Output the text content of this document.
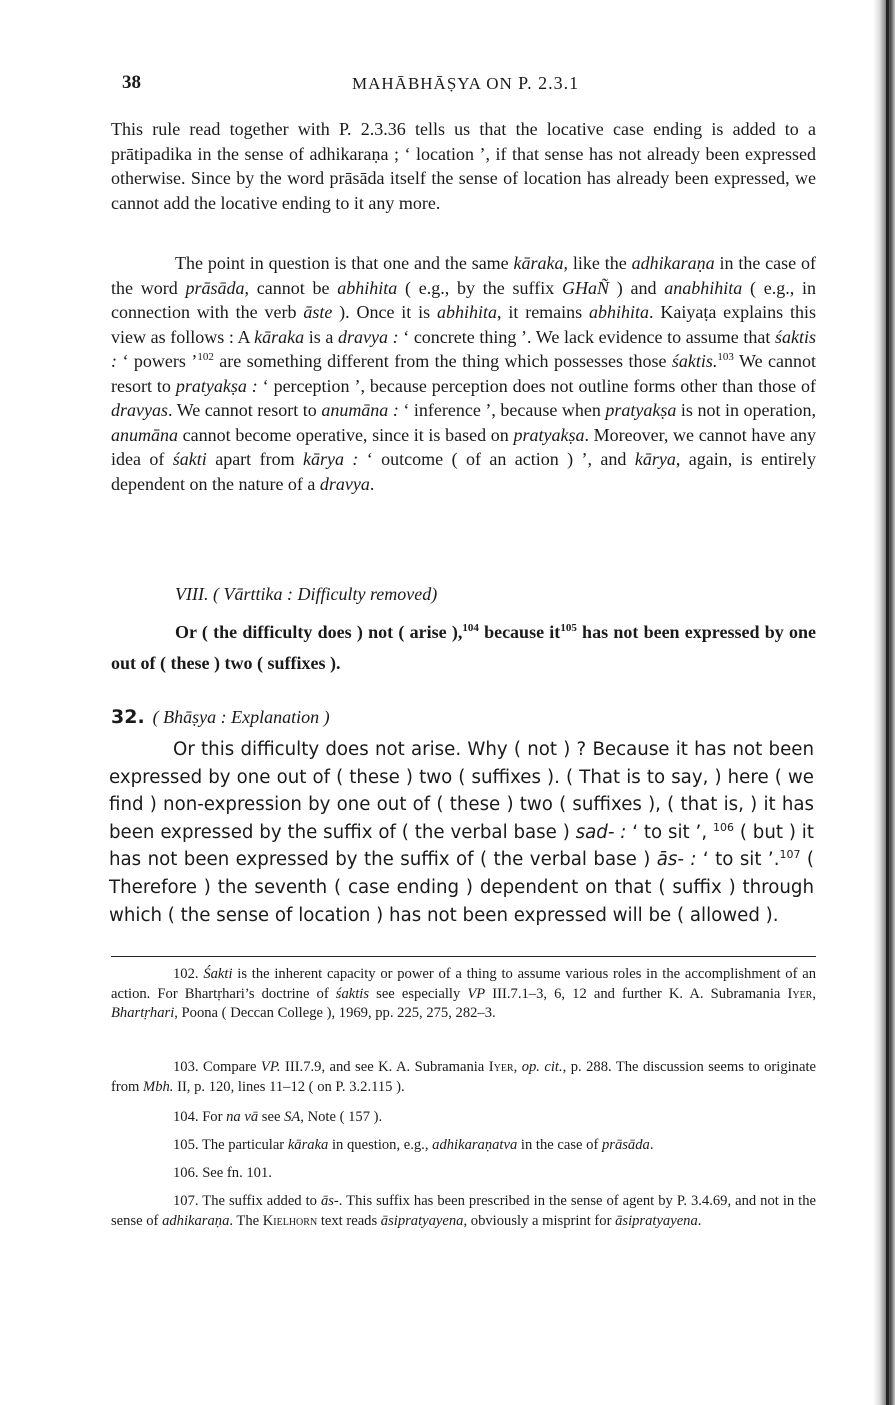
38	MAHĀBHĀṢYA ON P. 2.3.1
This rule read together with P. 2.3.36 tells us that the locative case ending is added to a prātipadika in the sense of adhikaraṇa ; ‘ location ’, if that sense has not already been expressed otherwise. Since by the word prāsāda itself the sense of location has already been expressed, we cannot add the locative ending to it any more.
The point in question is that one and the same kāraka, like the adhikaraṇa in the case of the word prāsāda, cannot be abhihita ( e.g., by the suffix GHaÑ ) and anabhihita ( e.g., in connection with the verb āste ). Once it is abhihita, it remains abhihita. Kaiyaṭa explains this view as follows : A kāraka is a dravya : ‘ concrete thing ’. We lack evidence to assume that śaktis : ‘ powers ’$^{102}$ are something different from the thing which possesses those śaktis.$^{103}$ We cannot resort to pratyakṣa : ‘ perception ’, because perception does not outline forms other than those of dravyas. We cannot resort to anumāna : ‘ inference ’, because when pratyakṣa is not in operation, anumāna cannot become operative, since it is based on pratyakṣa. Moreover, we cannot have any idea of śakti apart from kārya : ‘ outcome ( of an action ) ’, and kārya, again, is entirely dependent on the nature of a dravya.
VIII. ( Vārttika : Difficulty removed)
Or ( the difficulty does ) not ( arise ),$^{104}$ because $it^{105}$ has not been expressed by one out of ( these ) two ( suffixes ).
32. ( Bhāṣya : Explanation )
Or this difficulty does not arise. Why ( not ) ? Because it has not been expressed by one out of ( these ) two ( suffixes ). ( That is to say, ) here ( we find ) non-expression by one out of ( these ) two ( suffixes ), ( that is, ) it has been expressed by the suffix of ( the verbal base ) sad- : ‘ to sit ’, $^{106}$ ( but ) it has not been expressed by the suffix of ( the verbal base ) ās- : ‘ to sit ’.$^{107}$ ( Therefore ) the seventh ( case ending ) dependent on that ( suffix ) through which ( the sense of location ) has not been expressed will be ( allowed ).
102. Śakti is the inherent capacity or power of a thing to assume various roles in the accomplishment of an action. For Bhartṛhari’s doctrine of śaktis see especially VP III.7.1–3, 6, 12 and further K. A. Subramania Iyer, Bhartṛhari, Poona ( Deccan College ), 1969, pp. 225, 275, 282–3.
103. Compare VP. III.7.9, and see K. A. Subramania Iyer, op. cit., p. 288. The discussion seems to originate from Mbh. II, p. 120, lines 11–12 ( on P. 3.2.115 ).
104. For na vā see SA, Note ( 157 ).
105. The particular kāraka in question, e.g., adhikaraṇatva in the case of prāsāda.
106. See fn. 101.
107. The suffix added to ās-. This suffix has been prescribed in the sense of agent by P. 3.4.69, and not in the sense of adhikaraṇa. The Kielhorn text reads āsipratyayena, obviously a misprint for āsipratyayena.
